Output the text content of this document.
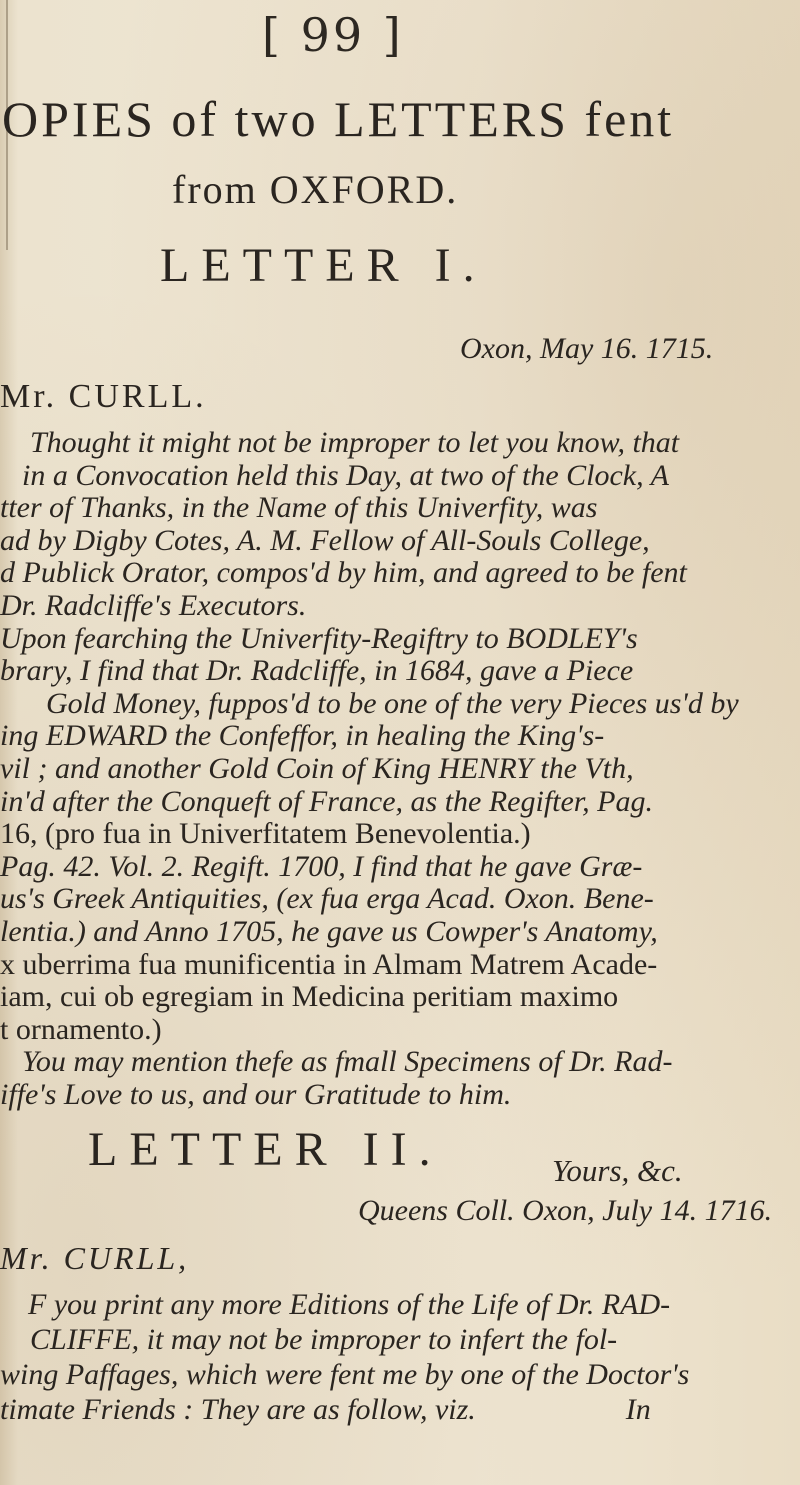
[ 99 ]
OPIES of two LETTERS fent
from OXFORD.
LETTER I.
Oxon, May 16. 1715.
Mr. CURLL.
Thought it might not be improper to let you know, that
in a Convocation held this Day, at two of the Clock, A
tter of Thanks, in the Name of this Univerfity, was
ad by Digby Cotes, A. M. Fellow of All-Souls College,
d Publick Orator, compos'd by him, and agreed to be fent
Dr. Radcliffe's Executors.
Upon fearching the Univerfity-Regiftry to BODLEY's
brary, I find that Dr. Radcliffe, in 1684, gave a Piece
Gold Money, fuppos'd to be one of the very Pieces us'd by
ing EDWARD the Confeffor, in healing the King's-
vil ; and another Gold Coin of King HENRY the Vth,
in'd after the Conqueft of France, as the Regifter, Pag.
16, (pro fua in Univerfitatem Benevolentia.)
Pag. 42. Vol. 2. Regift. 1700, I find that he gave Græ-
us's Greek Antiquities, (ex fua erga Acad. Oxon. Bene-
lentia.) and Anno 1705, he gave us Cowper's Anatomy,
x uberrima fua munificentia in Almam Matrem Acade-
iam, cui ob egregiam in Medicina peritiam maximo
t ornamento.)
You may mention thefe as fmall Specimens of Dr. Rad-
iffe's Love to us, and our Gratitude to him.
Yours, &c.
LETTER II.
Queens Coll. Oxon, July 14. 1716.
Mr. CURLL,
F you print any more Editions of the Life of Dr. RAD-
CLIFFE, it may not be improper to infert the fol-
wing Paffages, which were fent me by one of the Doctor's
timate Friends : They are as follow, viz.                    In
